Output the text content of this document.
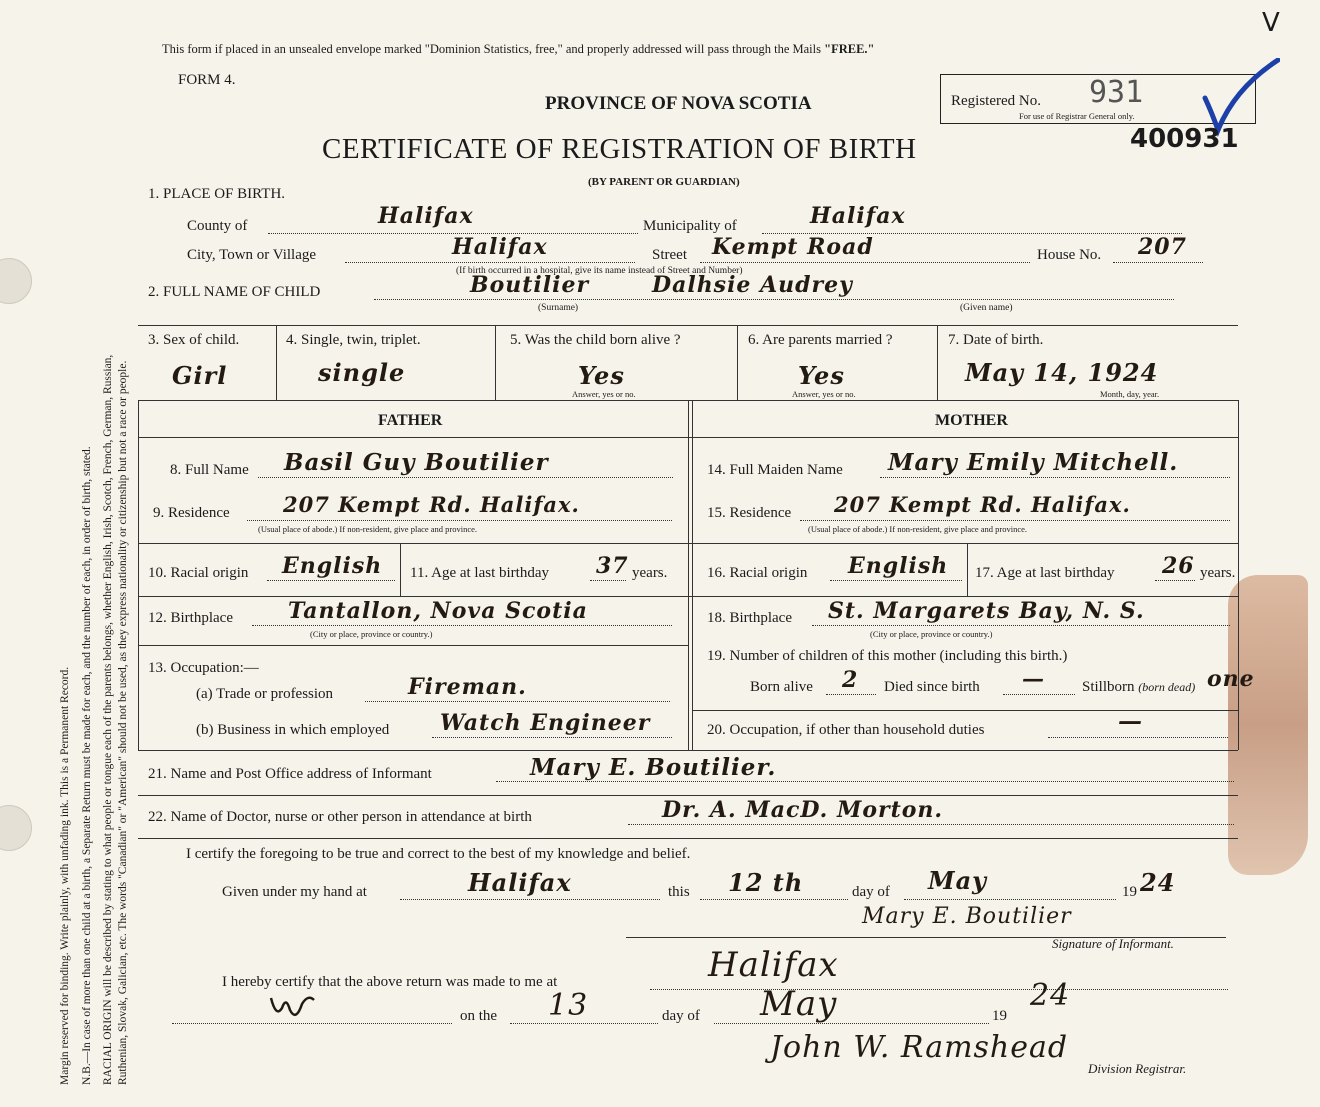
Margin reserved for binding. Write plainly, with unfading ink. This is a Permanent Record. N.B.—In case of more than one child at a birth, a Separate Return must be made for each, and the number of each, in order of birth, stated. RACIAL ORIGIN will be described by stating to what people or tongue each of the parents belongs, whether English, Irish, Scotch, French, German, Russian, Ruthenian, Slovak, Galician, etc. The words "Canadian" or "American" should not be used, as they express nationality or citizenship but not a race or people.
This form if placed in an unsealed envelope marked "Dominion Statistics, free," and properly addressed will pass through the Mails "FREE."
FORM 4.
PROVINCE OF NOVA SCOTIA
CERTIFICATE OF REGISTRATION OF BIRTH
(BY PARENT OR GUARDIAN)
Registered No. 931
For use of Registrar General only.
V
400931
1. PLACE OF BIRTH.
County of	Halifax	Municipality of	Halifax
City, Town or Village	Halifax	Street Kempt Road	House No. 207
(If birth occurred in a hospital, give its name instead of Street and Number)
2. FULL NAME OF CHILD	Boutilier	Dalhsie Audrey
(Surname)	(Given name)
3. Sex of child.
Girl
4. Single, twin, triplet.
single
5. Was the child born alive ?
Yes
Answer, yes or no.
6. Are parents married ?
Yes
Answer, yes or no.
7. Date of birth.
May 14, 1924
Month, day, year.
FATHER	MOTHER
8. Full Name Basil Guy Boutilier
9. Residence	207 Kempt Rd. Halifax.
(Usual place of abode.) If non-resident, give place and province.
10. Racial origin English 11. Age at last birthday 37 years.
12. Birthplace	Tantallon, Nova Scotia
(City or place, province or country.)
13. Occupation:—
(a) Trade or profession	Fireman.
(b) Business in which employed Watch Engineer
14. Full Maiden Name Mary Emily Mitchell.
15. Residence 207 Kempt Rd. Halifax.
(Usual place of abode.) If non-resident, give place and province.
16. Racial origin English 17. Age at last birthday 26 years.
18. Birthplace St. Margarets Bay, N. S.
(City or place, province or country.)
19. Number of children of this mother (including this birth.)
Born alive 2 Died since birth — Stillborn (born dead) one
20. Occupation, if other than household duties	—
21. Name and Post Office address of Informant	Mary E. Boutilier.
22. Name of Doctor, nurse or other person in attendance at birth	Dr. A. MacD. Morton.
I certify the foregoing to be true and correct to the best of my knowledge and belief.
Given under my hand at	Halifax	this 12 th	day of May	19 24
Mary E. Boutilier
Signature of Informant.
I hereby certify that the above return was made to me at	Halifax
on the 13	day of May	19
24
John W. Ramshead
Division Registrar.
